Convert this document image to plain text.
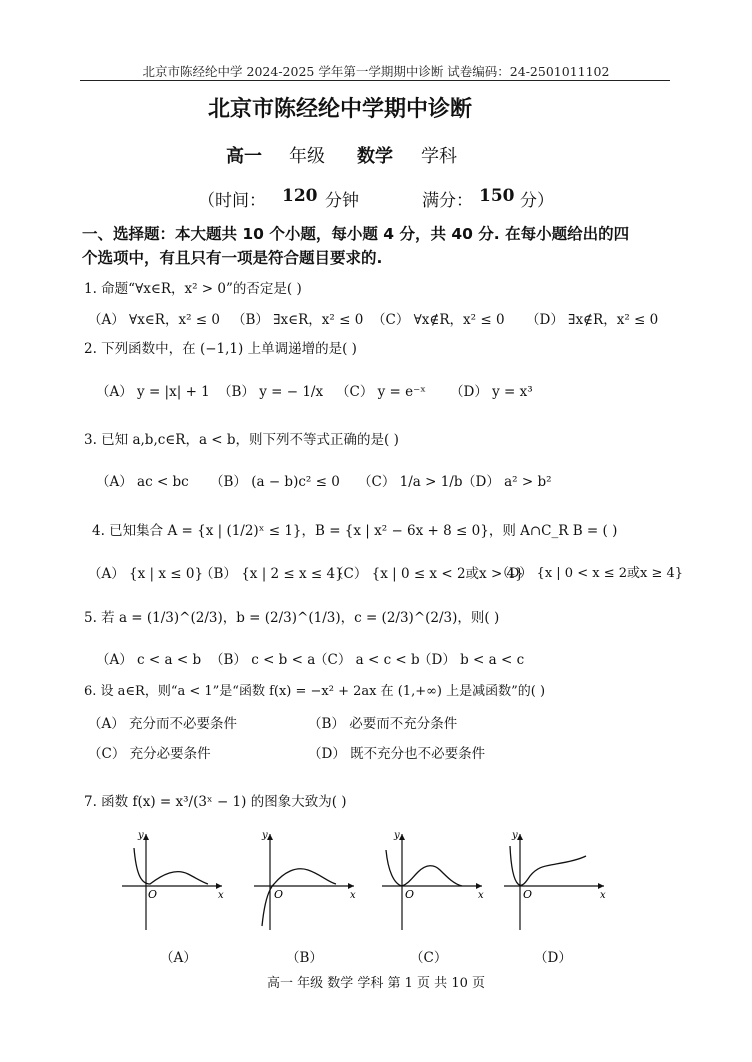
北京市陈经纶中学 2024-2025 学年第一学期期中诊断 试卷编码：24-2501011102
北京市陈经纶中学期中诊断
高一 年级 数学 学科
（时间： 120 分钟	满分： 150 分）
一、选择题：本大题共 10 个小题，每小题 4 分，共 40 分. 在每小题给出的四
个选项中，有且只有一项是符合题目要求的.
1. 命题“∀x∈R，x² > 0”的否定是( )
（A） ∀x∈R，x² ≤ 0 （B） ∃x∈R，x² ≤ 0 （C） ∀x∉R，x² ≤ 0 （D） ∃x∉R，x² ≤ 0
2. 下列函数中，在 (−1,1) 上单调递增的是( )
（A） y = |x| + 1 （B） y = − 1/x （C） y = e⁻ˣ （D） y = x³
3. 已知 a,b,c∈R，a < b，则下列不等式正确的是( )
（A） ac < bc （B） (a − b)c² ≤ 0 （C） 1/a > 1/b （D） a² > b²
4. 已知集合 A = {x | (1/2)ˣ ≤ 1}，B = {x | x² − 6x + 8 ≤ 0}，则 A∩C_R B = ( )
（A） {x | x ≤ 0}
（B） {x | 2 ≤ x ≤ 4}
（C） {x | 0 ≤ x < 2或x > 4}
（D） {x | 0 < x ≤ 2或x ≥ 4}
5. 若 a = (1/3)^(2/3)，b = (2/3)^(1/3)，c = (2/3)^(2/3)，则( )
（A） c < a < b （B） c < b < a
（C） a < c < b
（D） b < a < c
6. 设 a∈R，则“a < 1”是“函数 f(x) = −x² + 2ax 在 (1,+∞) 上是减函数”的( )
（A） 充分而不必要条件	（B） 必要而不充分条件
（C） 充分必要条件	（D） 既不充分也不必要条件
7. 函数 f(x) = x³/(3ˣ − 1) 的图象大致为( )
y
x
O
y
x
O
y
x
O
y
x
O
（A）	（B）	（C）	（D）
高一 年级 数学 学科 第 1 页 共 10 页
